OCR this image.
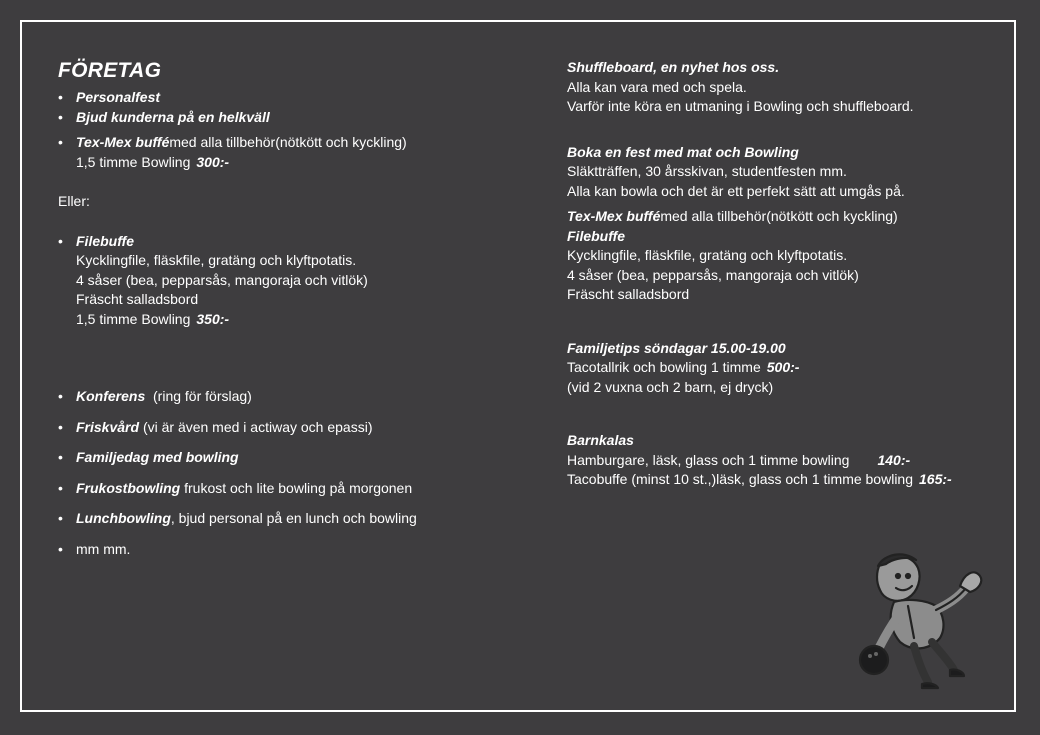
FÖRETAG
• Personalfest
• Bjud kunderna på en helkväll
• Tex-Mex buffémed alla tillbehör(nötkött och kyckling)
1,5 timme Bowling 300:-
Eller:
• Filebuffe
Kycklingfile, fläskfile, gratäng och klyftpotatis.
4 såser (bea, pepparsås, mangoraja och vitlök)
Fräscht salladsbord
1,5 timme Bowling 350:-
• Konferens (ring för förslag)
• Friskvård (vi är även med i actiway och epassi)
• Familjedag med bowling
• Frukostbowling frukost och lite bowling på morgonen
• Lunchbowling, bjud personal på en lunch och bowling
• mm mm.
Shuffleboard, en nyhet hos oss.
Alla kan vara med och spela.
Varför inte köra en utmaning i Bowling och shuffleboard.
Boka en fest med mat och Bowling
Släktträffen, 30 årsskivan, studentfesten mm.
Alla kan bowla och det är ett perfekt sätt att umgås på.
Tex-Mex buffémed alla tillbehör(nötkött och kyckling)
Filebuffe
Kycklingfile, fläskfile, gratäng och klyftpotatis.
4 såser (bea, pepparsås, mangoraja och vitlök)
Fräscht salladsbord
Familjetips söndagar 15.00-19.00
Tacotallrik och bowling 1 timme 500:-
(vid 2 vuxna och 2 barn, ej dryck)
Barnkalas
Hamburgare, läsk, glass och 1 timme bowling 140:-
Tacobuffe (minst 10 st.,)läsk, glass och 1 timme bowling 165:-
